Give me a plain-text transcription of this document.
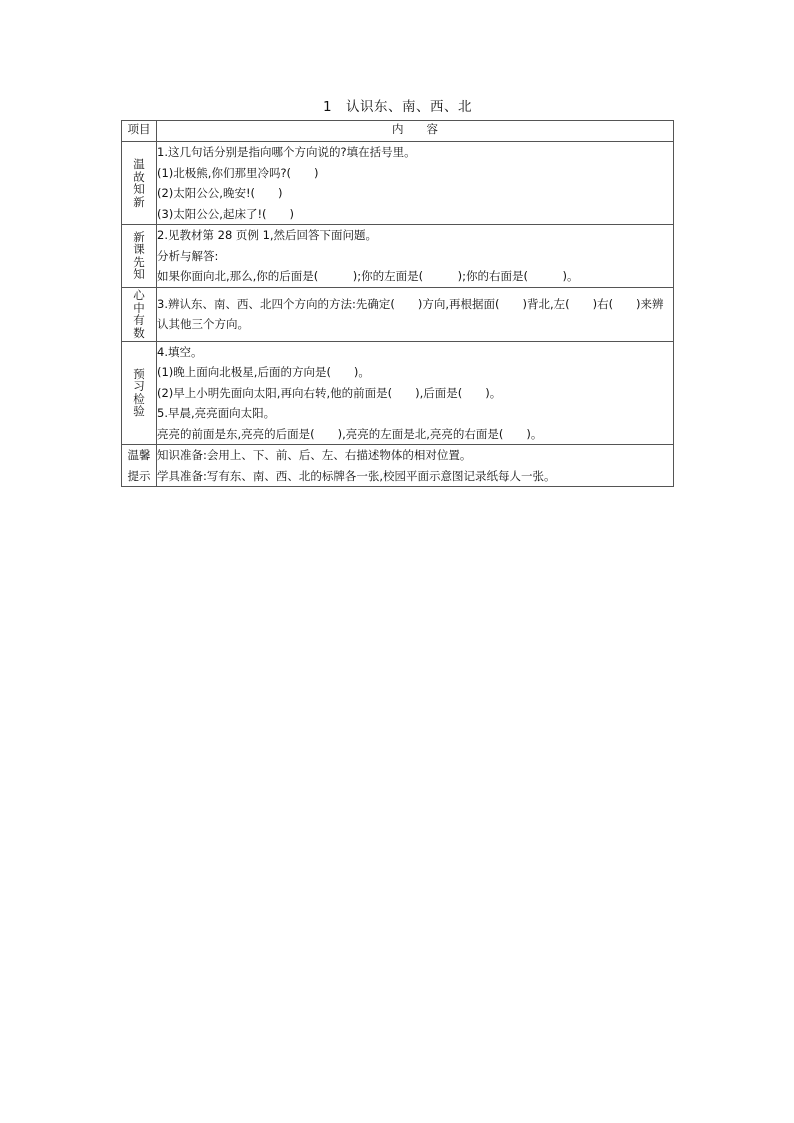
1　认识东、南、西、北
项目	内　　容

温故知新	1.这几句话分别是指向哪个方向说的?填在括号里。
(1)北极熊,你们那里冷吗?(　　)
(2)太阳公公,晚安!(　　)
(3)太阳公公,起床了!(　　)

新课先知	2.见教材第 28 页例 1,然后回答下面问题。
分析与解答:
如果你面向北,那么,你的后面是(　　　);你的左面是(　　　);你的右面是(　　　)。

心中有数	3.辨认东、南、西、北四个方向的方法:先确定(　　)方向,再根据面(　　)背北,左(　　)右(　　)来辨认其他三个方向。

预习检验	4.填空。
(1)晚上面向北极星,后面的方向是(　　)。
(2)早上小明先面向太阳,再向右转,他的前面是(　　),后面是(　　)。
5.早晨,亮亮面向太阳。
亮亮的前面是东,亮亮的后面是(　　),亮亮的左面是北,亮亮的右面是(　　)。

温馨提示	知识准备:会用上、下、前、后、左、右描述物体的相对位置。
学具准备:写有东、南、西、北的标牌各一张,校园平面示意图记录纸每人一张。
